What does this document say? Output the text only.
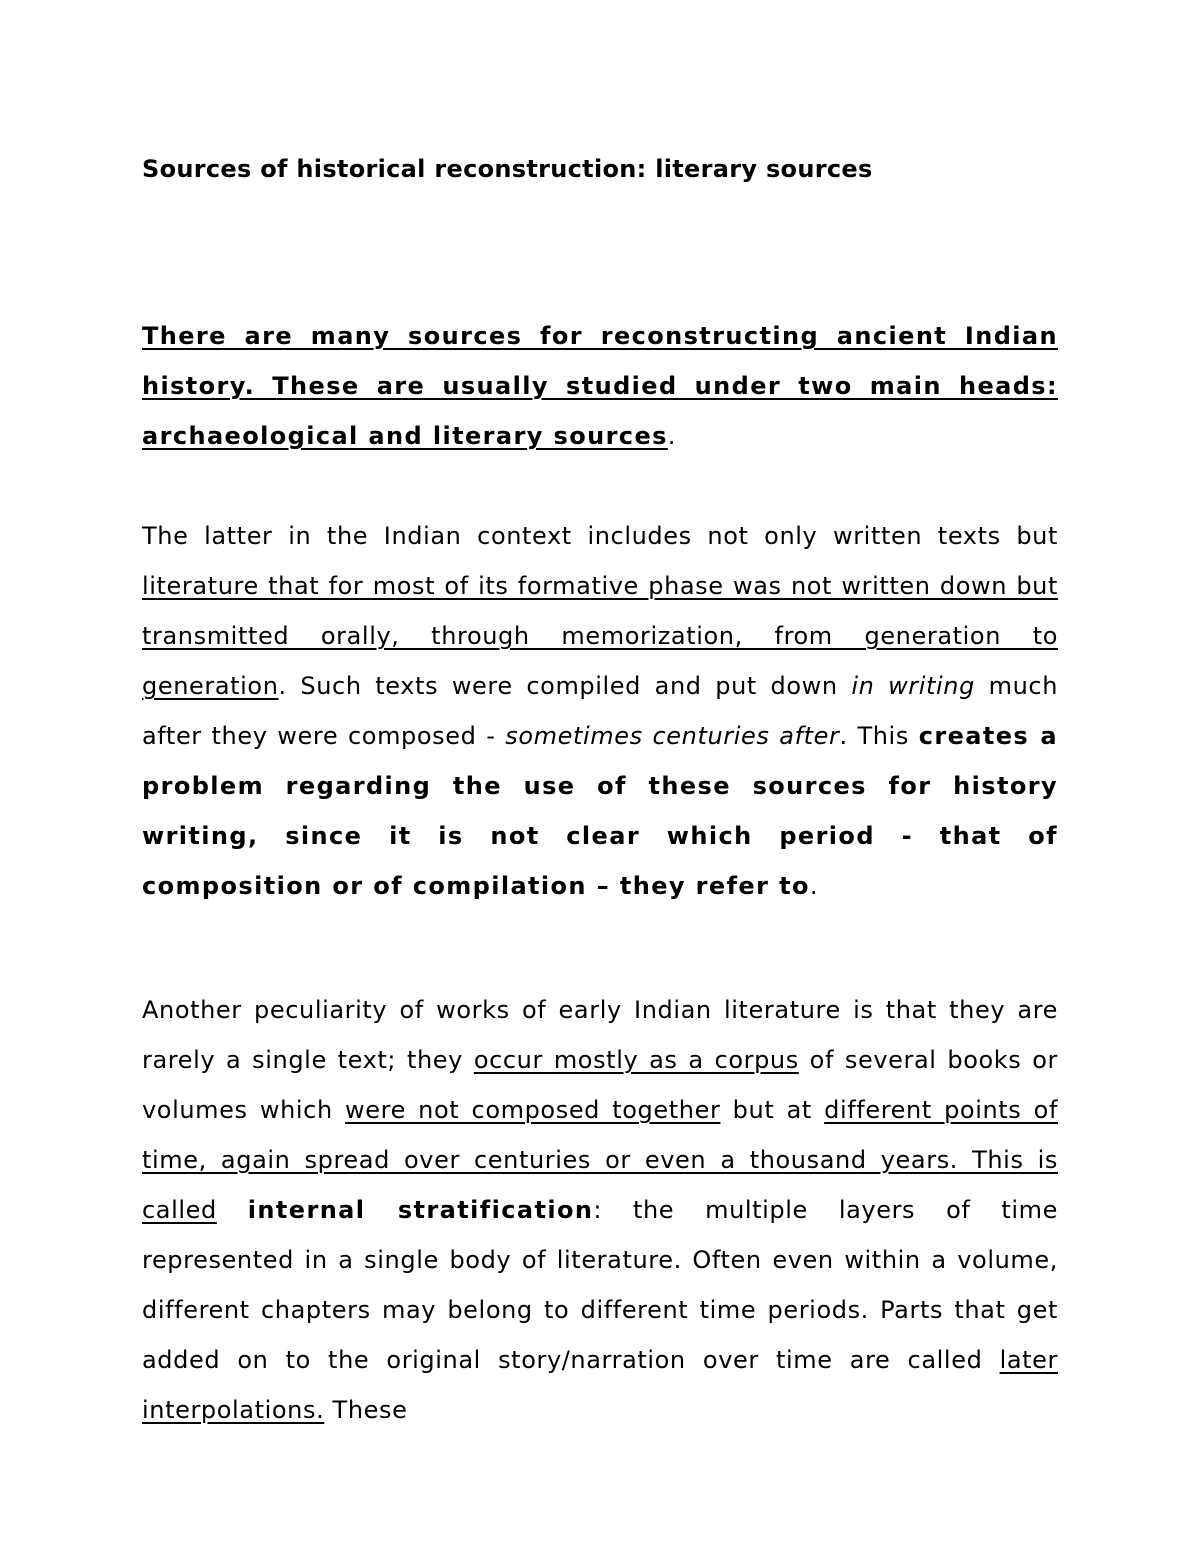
Sources of historical reconstruction: literary sources

There are many sources for reconstructing ancient Indian history. These are usually studied under two main heads: archaeological and literary sources.

The latter in the Indian context includes not only written texts but literature that for most of its formative phase was not written down but transmitted orally, through memorization, from generation to generation. Such texts were compiled and put down in writing much after they were composed - sometimes centuries after. This creates a problem regarding the use of these sources for history writing, since it is not clear which period - that of composition or of compilation – they refer to.

Another peculiarity of works of early Indian literature is that they are rarely a single text; they occur mostly as a corpus of several books or volumes which were not composed together but at different points of time, again spread over centuries or even a thousand years. This is called internal stratification: the multiple layers of time represented in a single body of literature. Often even within a volume, different chapters may belong to different time periods. Parts that get added on to the original story/narration over time are called later interpolations. These
